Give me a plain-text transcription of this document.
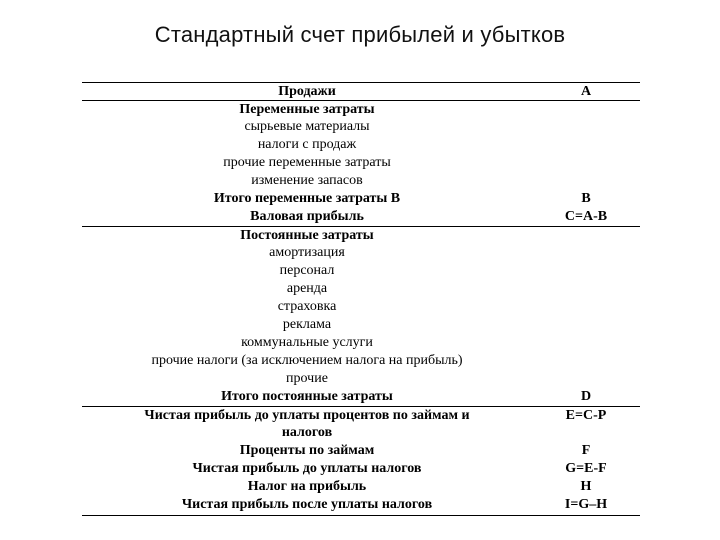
Стандартный счет прибылей и убытков
Продажи	A
Переменные затраты
сырьевые материалы
налоги с продаж
прочие переменные затраты
изменение запасов
Итого переменные затраты B	B
Валовая прибыль	C=A-B
Постоянные затраты
амортизация
персонал
аренда
страховка
реклама
коммунальные услуги
прочие налоги (за исключением налога на прибыль)
прочие
Итого постоянные затраты	D
Чистая прибыль до уплаты процентов по займам и	E=C-P
налогов
Проценты по займам	F
Чистая прибыль до уплаты налогов	G=E-F
Налог на прибыль	H
Чистая прибыль после уплаты налогов	I=G–H
